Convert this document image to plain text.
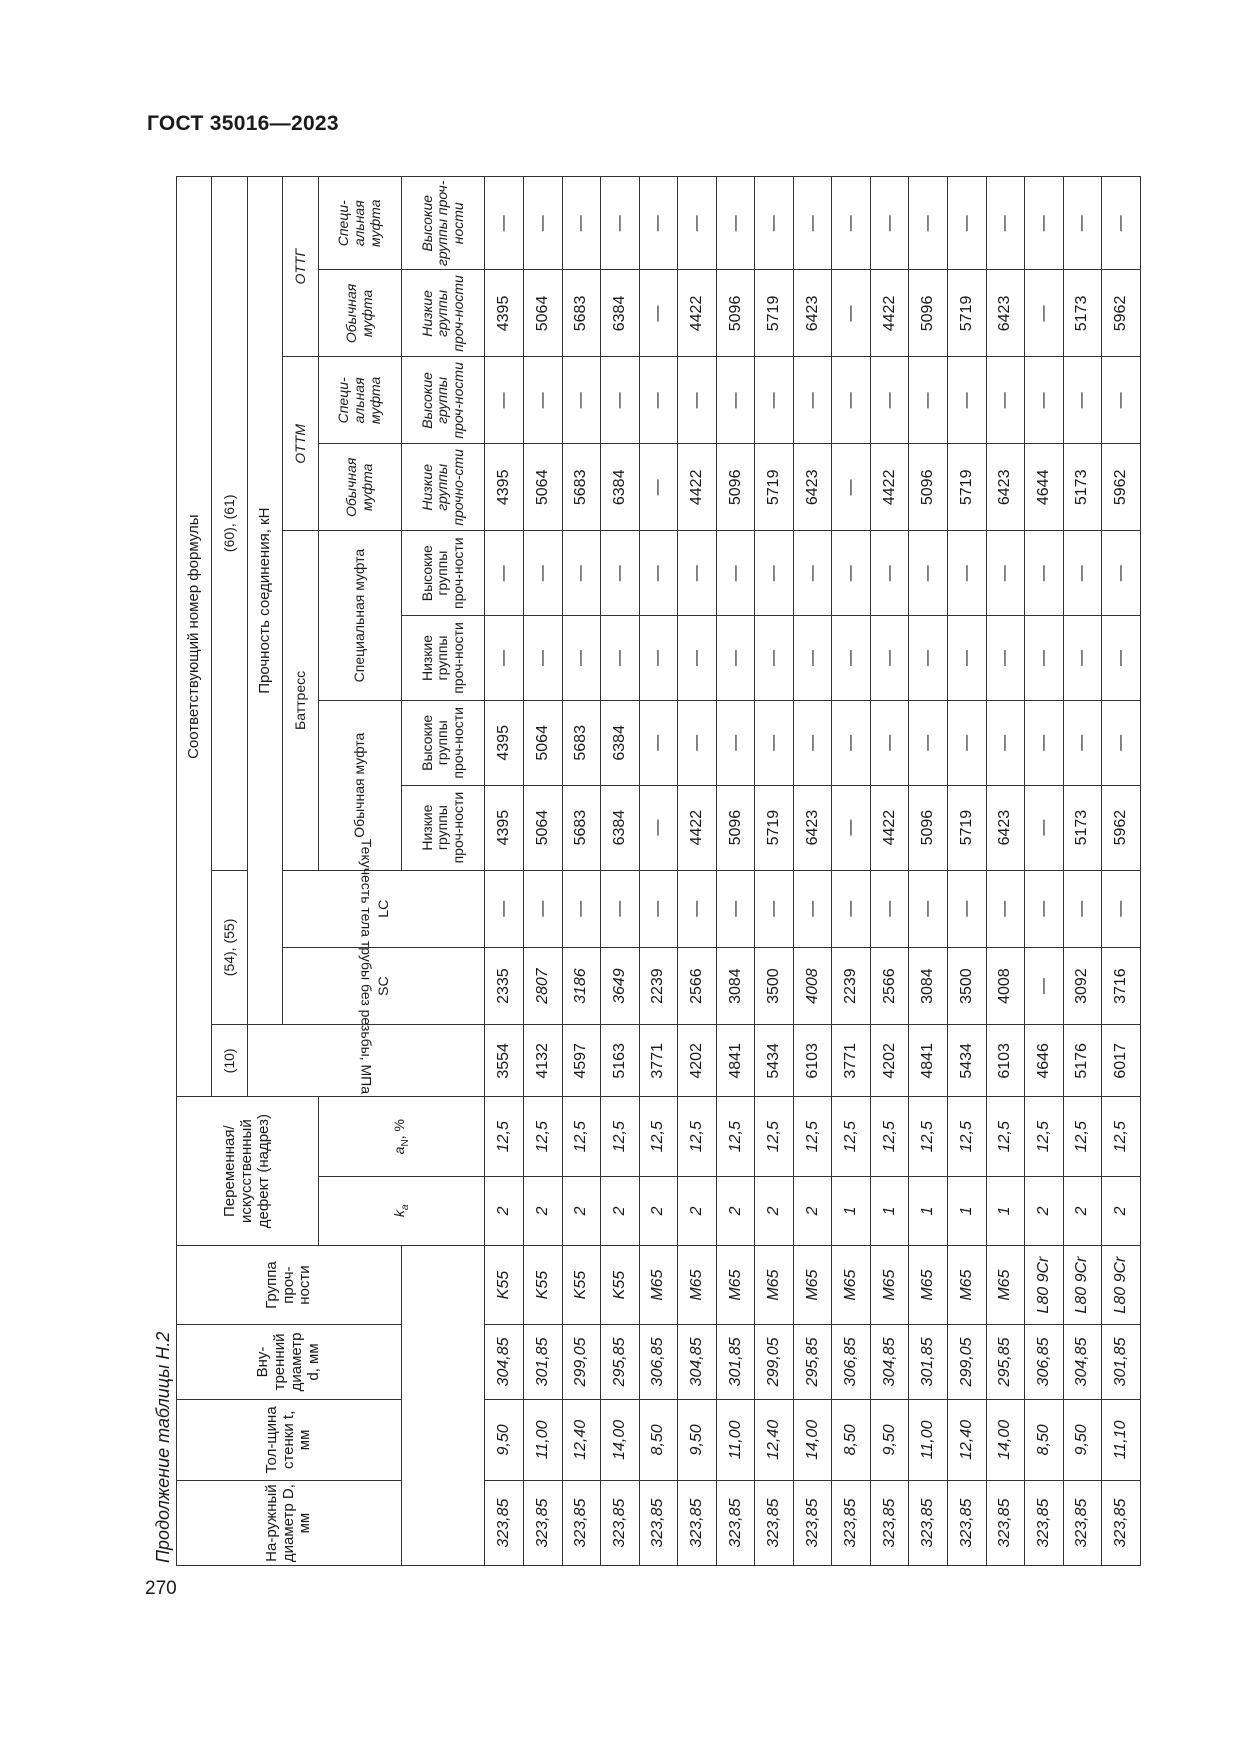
ГОСТ 35016—2023
270
Продолжение таблицы Н.2	На-ружный диаметр D, мм	Тол-щина стенки t, мм	Вну-тренний диаметр d, мм	Группа проч-ности	Переменная/ искусственный дефект (надрез)	Соответствующий номер формулы
(10)	(54), (55)	(60), (61)
Текучесть тела трубы без резьбы, МПа	Прочность соединения, кН

SC	LC
	Баттресс	ОТТМ	ОТТГ
$k_a$	$a_N$, %	Обычная муфта	Специальная муфта	Обычная муфта	Специ-альная муфта	Обычная муфта	Специ-альная муфта
	Низкие группы проч-ности	Высокие группы проч-ности	Низкие группы проч-ности	Высокие группы проч-ности	Низкие группы прочно-сти	Высокие группы проч-ности	Низкие группы проч-ности	Высокие группы проч-ности
323,85	9,50	304,85	K55	2	12,5	3554	2335	—	4395	4395	—	—	4395	—	4395	—
323,85	11,00	301,85	K55	2	12,5	4132	2807	—	5064	5064	—	—	5064	—	5064	—
323,85	12,40	299,05	K55	2	12,5	4597	3186	—	5683	5683	—	—	5683	—	5683	—
323,85	14,00	295,85	K55	2	12,5	5163	3649	—	6384	6384	—	—	6384	—	6384	—
323,85	8,50	306,85	M65	2	12,5	3771	2239	—	—	—	—	—	—	—	—	—
323,85	9,50	304,85	M65	2	12,5	4202	2566	—	4422	—	—	—	4422	—	4422	—
323,85	11,00	301,85	M65	2	12,5	4841	3084	—	5096	—	—	—	5096	—	5096	—
323,85	12,40	299,05	M65	2	12,5	5434	3500	—	5719	—	—	—	5719	—	5719	—
323,85	14,00	295,85	M65	2	12,5	6103	4008	—	6423	—	—	—	6423	—	6423	—
323,85	8,50	306,85	M65	1	12,5	3771	2239	—	—	—	—	—	—	—	—	—
323,85	9,50	304,85	M65	1	12,5	4202	2566	—	4422	—	—	—	4422	—	4422	—
323,85	11,00	301,85	M65	1	12,5	4841	3084	—	5096	—	—	—	5096	—	5096	—
323,85	12,40	299,05	M65	1	12,5	5434	3500	—	5719	—	—	—	5719	—	5719	—
323,85	14,00	295,85	M65	1	12,5	6103	4008	—	6423	—	—	—	6423	—	6423	—
323,85	8,50	306,85	L80 9Cr	2	12,5	4646	—	—	—	—	—	—	4644	—	—	—
323,85	9,50	304,85	L80 9Cr	2	12,5	5176	3092	—	5173	—	—	—	5173	—	5173	—
323,85	11,10	301,85	L80 9Cr	2	12,5	6017	3716	—	5962	—	—	—	5962	—	5962	—
